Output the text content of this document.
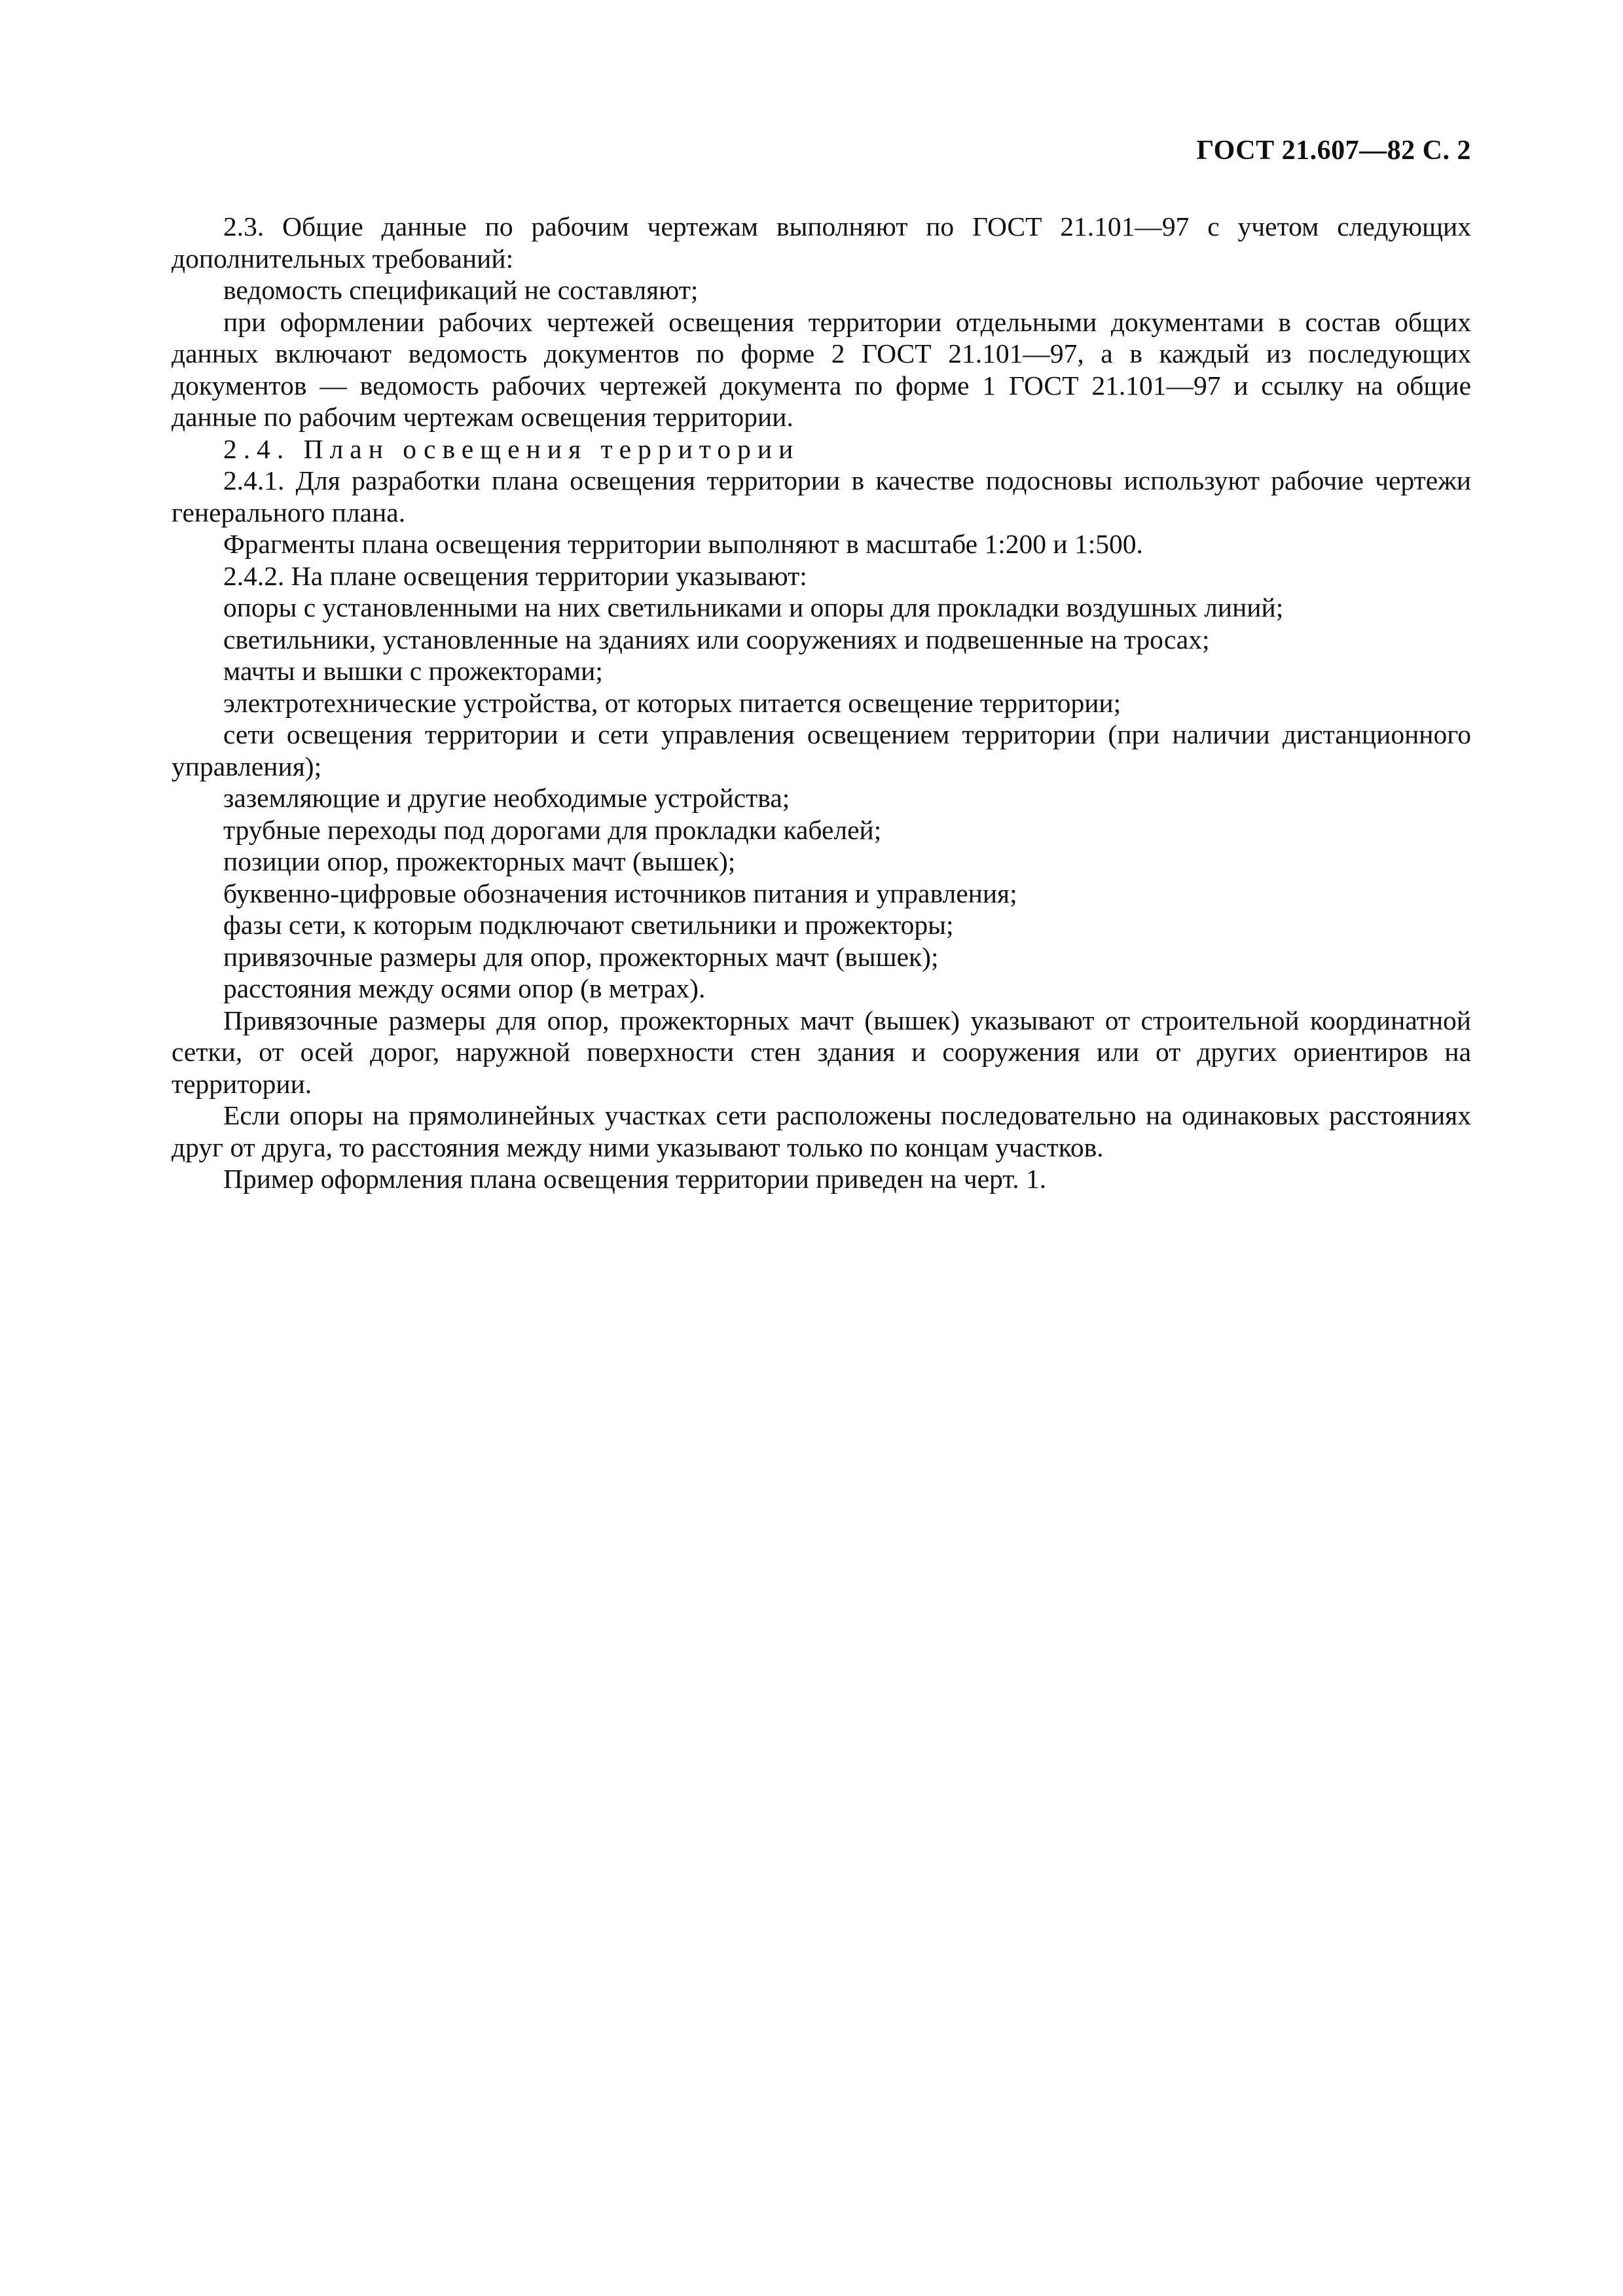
ГОСТ 21.607—82 С. 2

2.3. Общие данные по рабочим чертежам выполняют по ГОСТ 21.101—97 с учетом следующих дополнительных требований:

ведомость спецификаций не составляют;

при оформлении рабочих чертежей освещения территории отдельными документами в состав общих данных включают ведомость документов по форме 2 ГОСТ 21.101—97, а в каждый из последующих документов — ведомость рабочих чертежей документа по форме 1 ГОСТ 21.101—97 и ссылку на общие данные по рабочим чертежам освещения территории.

2.4. План освещения территории

2.4.1. Для разработки плана освещения территории в качестве подосновы используют рабочие чертежи генерального плана.

Фрагменты плана освещения территории выполняют в масштабе 1:200 и 1:500.

2.4.2. На плане освещения территории указывают:

опоры с установленными на них светильниками и опоры для прокладки воздушных линий;

светильники, установленные на зданиях или сооружениях и подвешенные на тросах;

мачты и вышки с прожекторами;

электротехнические устройства, от которых питается освещение территории;

сети освещения территории и сети управления освещением территории (при наличии дистанционного управления);

заземляющие и другие необходимые устройства;

трубные переходы под дорогами для прокладки кабелей;

позиции опор, прожекторных мачт (вышек);

буквенно-цифровые обозначения источников питания и управления;

фазы сети, к которым подключают светильники и прожекторы;

привязочные размеры для опор, прожекторных мачт (вышек);

расстояния между осями опор (в метрах).

Привязочные размеры для опор, прожекторных мачт (вышек) указывают от строительной координатной сетки, от осей дорог, наружной поверхности стен здания и сооружения или от других ориентиров на территории.

Если опоры на прямолинейных участках сети расположены последовательно на одинаковых расстояниях друг от друга, то расстояния между ними указывают только по концам участков.

Пример оформления плана освещения территории приведен на черт. 1.
